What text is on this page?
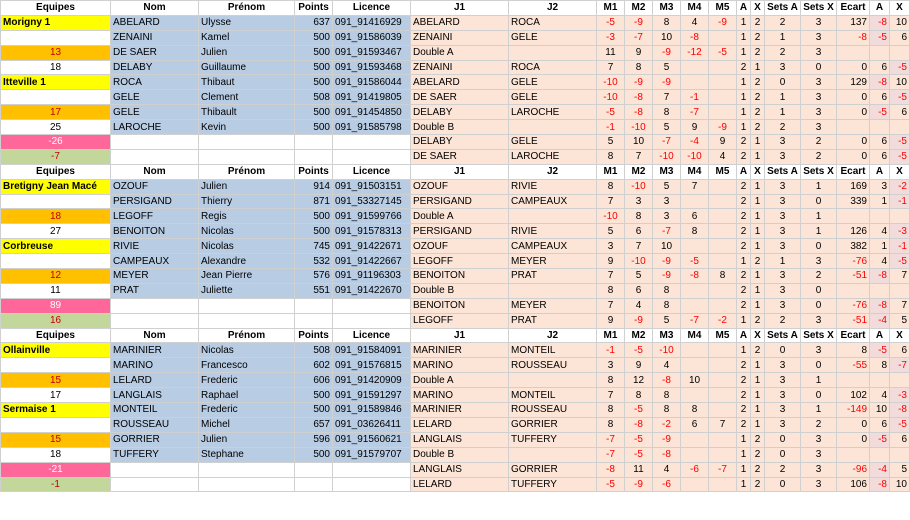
Equipes	Nom	Prénom	Points	Licence	J1	J2	M1	M2	M3	M4	M5	A	X	Sets A	Sets X	Ecart	A	X
Morigny 1	ABELARD	Ulysse	637	091_91416929	ABELARD	ROCA	-5	-9	8	4	-9	1	2	2	3	137	-8	10
	ZENAINI	Kamel	500	091_91586039	ZENAINI	GELE	-3	-7	10	-8		1	2	1	3	-8	-5	6
13	DE SAER	Julien	500	091_91593467	Double A		11	9	-9	-12	-5	1	2	2	3			
18	DELABY	Guillaume	500	091_91593468	ZENAINI	ROCA	7	8	5			2	1	3	0	0	6	-5
Itteville 1	ROCA	Thibaut	500	091_91586044	ABELARD	GELE	-10	-9	-9			1	2	0	3	129	-8	10
	GELE	Clement	508	091_91419805	DE SAER	GELE	-10	-8	7	-1		1	2	1	3	0	6	-5
17	GELE	Thibault	500	091_91454850	DELABY	LAROCHE	-5	-8	8	-7		1	2	1	3	0	-5	6
25	LAROCHE	Kevin	500	091_91585798	Double B		-1	-10	5	9	-9	1	2	2	3			
-26					DELABY	GELE	5	10	-7	-4	9	2	1	3	2	0	6	-5
-7					DE SAER	LAROCHE	8	7	-10	-10	4	2	1	3	2	0	6	-5
Equipes	Nom	Prénom	Points	Licence	J1	J2	M1	M2	M3	M4	M5	A	X	Sets A	Sets X	Ecart	A	X
Bretigny Jean Macé	OZOUF	Julien	914	091_91503151	OZOUF	RIVIE	8	-10	5	7		2	1	3	1	169	3	-2
	PERSIGAND	Thierry	871	091_53327145	PERSIGAND	CAMPEAUX	7	3	3			2	1	3	0	339	1	-1
18	LEGOFF	Regis	500	091_91599766	Double A		-10	8	3	6		2	1	3	1			
27	BENOITON	Nicolas	500	091_91578313	PERSIGAND	RIVIE	5	6	-7	8		2	1	3	1	126	4	-3
Corbreuse	RIVIE	Nicolas	745	091_91422671	OZOUF	CAMPEAUX	3	7	10			2	1	3	0	382	1	-1
	CAMPEAUX	Alexandre	532	091_91422667	LEGOFF	MEYER	9	-10	-9	-5		1	2	1	3	-76	4	-5
12	MEYER	Jean Pierre	576	091_91196303	BENOITON	PRAT	7	5	-9	-8	8	2	1	3	2	-51	-8	7
11	PRAT	Juliette	551	091_91422670	Double B		8	6	8			2	1	3	0			
89					BENOITON	MEYER	7	4	8			2	1	3	0	-76	-8	7
16					LEGOFF	PRAT	9	-9	5	-7	-2	1	2	2	3	-51	-4	5
Equipes	Nom	Prénom	Points	Licence	J1	J2	M1	M2	M3	M4	M5	A	X	Sets A	Sets X	Ecart	A	X
Ollainville	MARINIER	Nicolas	508	091_91584091	MARINIER	MONTEIL	-1	-5	-10			1	2	0	3	8	-5	6
	MARINO	Francesco	602	091_91576815	MARINO	ROUSSEAU	3	9	4			2	1	3	0	-55	8	-7
15	LELARD	Frederic	606	091_91420909	Double A		8	12	-8	10		2	1	3	1			
17	LANGLAIS	Raphael	500	091_91591297	MARINO	MONTEIL	7	8	8			2	1	3	0	102	4	-3
Sermaise 1	MONTEIL	Frederic	500	091_91589846	MARINIER	ROUSSEAU	8	-5	8	8		2	1	3	1	-149	10	-8
	ROUSSEAU	Michel	657	091_03626411	LELARD	GORRIER	8	-8	-2	6	7	2	1	3	2	0	6	-5
15	GORRIER	Julien	596	091_91560621	LANGLAIS	TUFFERY	-7	-5	-9			1	2	0	3	0	-5	6
18	TUFFERY	Stephane	500	091_91579707	Double B		-7	-5	-8			1	2	0	3			
-21					LANGLAIS	GORRIER	-8	11	4	-6	-7	1	2	2	3	-96	-4	5
-1					LELARD	TUFFERY	-5	-9	-6			1	2	0	3	106	-8	10
